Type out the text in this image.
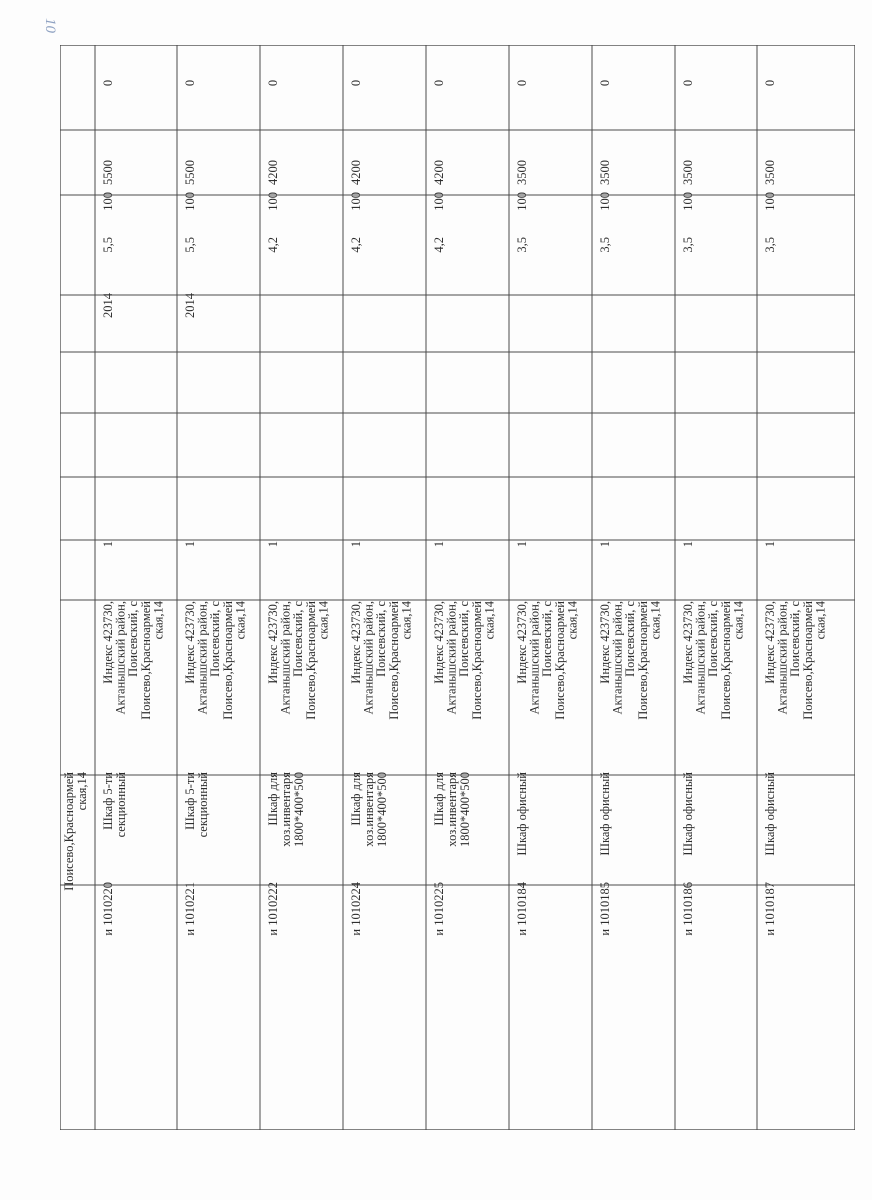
10
Поисево,Красноармейская,14
и 1010220
Шкаф 5-тисекционный
Индекс 423730,Актанышский район,Поисевский, сПоисево,Красноармейская,14
1
2014
5,5
100
5500
0
и 1010221
Шкаф 5-тисекционный
Индекс 423730,Актанышский район,Поисевский, сПоисево,Красноармейская,14
1
2014
5,5
100
5500
0
и 1010222
Шкаф дляхоз.инвентаря1800*400*500
Индекс 423730,Актанышский район,Поисевский, сПоисево,Красноармейская,14
1
4,2
100
4200
0
и 1010224
Шкаф дляхоз.инвентаря1800*400*500
Индекс 423730,Актанышский район,Поисевский, сПоисево,Красноармейская,14
1
4,2
100
4200
0
и 1010225
Шкаф дляхоз.инвентаря1800*400*500
Индекс 423730,Актанышский район,Поисевский, сПоисево,Красноармейская,14
1
4,2
100
4200
0
и 1010184
Шкаф офисный
Индекс 423730,Актанышский район,Поисевский, сПоисево,Красноармейская,14
1
3,5
100
3500
0
и 1010185
Шкаф офисный
Индекс 423730,Актанышский район,Поисевский, сПоисево,Красноармейская,14
1
3,5
100
3500
0
и 1010186
Шкаф офисный
Индекс 423730,Актанышский район,Поисевский, сПоисево,Красноармейская,14
1
3,5
100
3500
0
и 1010187
Шкаф офисный
Индекс 423730,Актанышский район,Поисевский, сПоисево,Красноармейская,14
1
3,5
100
3500
0
